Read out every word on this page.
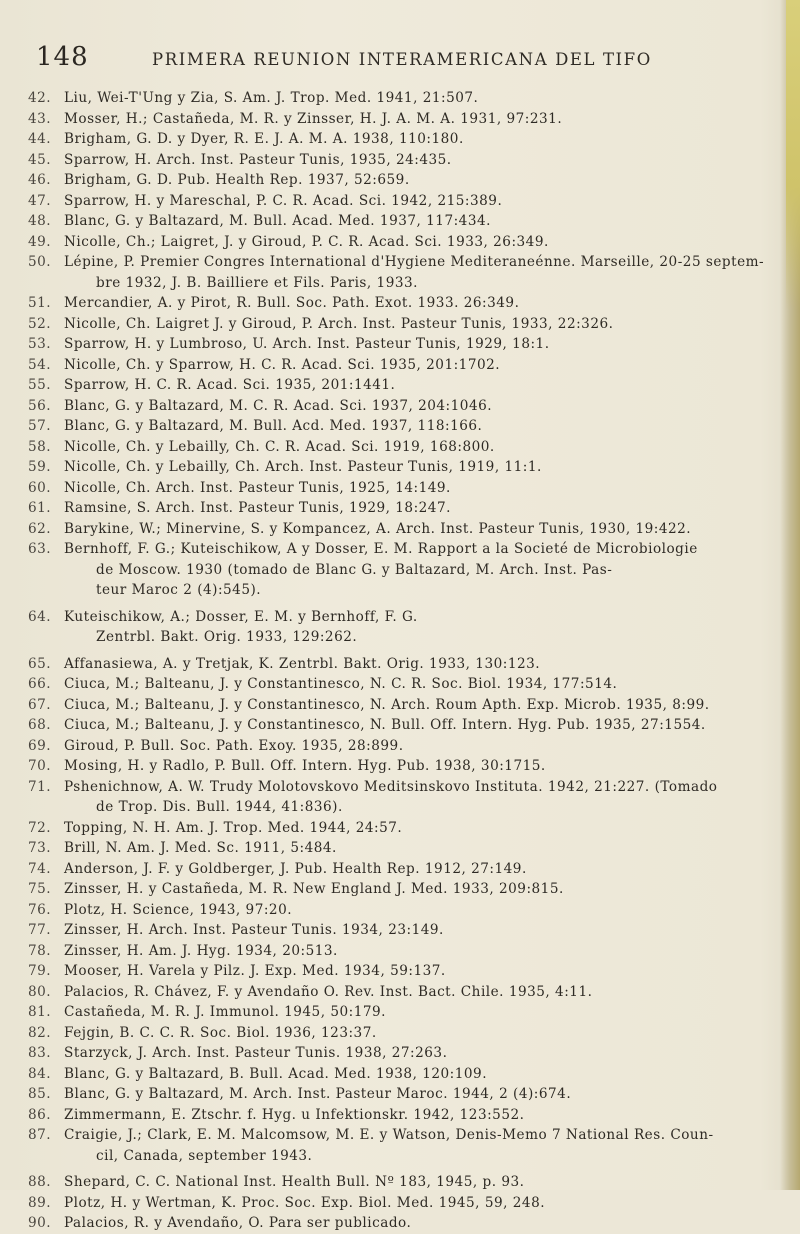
148	PRIMERA REUNION INTERAMERICANA DEL TIFO
42. Liu, Wei-T'Ung y Zia, S. Am. J. Trop. Med. 1941, 21:507.
43. Mosser, H.; Castañeda, M. R. y Zinsser, H. J. A. M. A. 1931, 97:231.
44. Brigham, G. D. y Dyer, R. E. J. A. M. A. 1938, 110:180.
45. Sparrow, H. Arch. Inst. Pasteur Tunis, 1935, 24:435.
46. Brigham, G. D. Pub. Health Rep. 1937, 52:659.
47. Sparrow, H. y Mareschal, P. C. R. Acad. Sci. 1942, 215:389.
48. Blanc, G. y Baltazard, M. Bull. Acad. Med. 1937, 117:434.
49. Nicolle, Ch.; Laigret, J. y Giroud, P. C. R. Acad. Sci. 1933, 26:349.
50. Lépine, P. Premier Congres International d'Hygiene Mediteraneénne. Marseille, 20-25 septem-
bre 1932, J. B. Bailliere et Fils. Paris, 1933.
51. Mercandier, A. y Pirot, R. Bull. Soc. Path. Exot. 1933. 26:349.
52. Nicolle, Ch. Laigret J. y Giroud, P. Arch. Inst. Pasteur Tunis, 1933, 22:326.
53. Sparrow, H. y Lumbroso, U. Arch. Inst. Pasteur Tunis, 1929, 18:1.
54. Nicolle, Ch. y Sparrow, H. C. R. Acad. Sci. 1935, 201:1702.
55. Sparrow, H. C. R. Acad. Sci. 1935, 201:1441.
56. Blanc, G. y Baltazard, M. C. R. Acad. Sci. 1937, 204:1046.
57. Blanc, G. y Baltazard, M. Bull. Acd. Med. 1937, 118:166.
58. Nicolle, Ch. y Lebailly, Ch. C. R. Acad. Sci. 1919, 168:800.
59. Nicolle, Ch. y Lebailly, Ch. Arch. Inst. Pasteur Tunis, 1919, 11:1.
60. Nicolle, Ch. Arch. Inst. Pasteur Tunis, 1925, 14:149.
61. Ramsine, S. Arch. Inst. Pasteur Tunis, 1929, 18:247.
62. Barykine, W.; Minervine, S. y Kompancez, A. Arch. Inst. Pasteur Tunis, 1930, 19:422.
63. Bernhoff, F. G.; Kuteischikow, A y Dosser, E. M. Rapport a la Societé de Microbiologie
de Moscow. 1930 (tomado de Blanc G. y Baltazard, M. Arch. Inst. Pas-
teur Maroc 2 (4):545).
64. Kuteischikow, A.; Dosser, E. M. y Bernhoff, F. G.
Zentrbl. Bakt. Orig. 1933, 129:262.
65. Affanasiewa, A. y Tretjak, K. Zentrbl. Bakt. Orig. 1933, 130:123.
66. Ciuca, M.; Balteanu, J. y Constantinesco, N. C. R. Soc. Biol. 1934, 177:514.
67. Ciuca, M.; Balteanu, J. y Constantinesco, N. Arch. Roum Apth. Exp. Microb. 1935, 8:99.
68. Ciuca, M.; Balteanu, J. y Constantinesco, N. Bull. Off. Intern. Hyg. Pub. 1935, 27:1554.
69. Giroud, P. Bull. Soc. Path. Exoy. 1935, 28:899.
70. Mosing, H. y Radlo, P. Bull. Off. Intern. Hyg. Pub. 1938, 30:1715.
71. Pshenichnow, A. W. Trudy Molotovskovo Meditsinskovo Instituta. 1942, 21:227. (Tomado
de Trop. Dis. Bull. 1944, 41:836).
72. Topping, N. H. Am. J. Trop. Med. 1944, 24:57.
73. Brill, N. Am. J. Med. Sc. 1911, 5:484.
74. Anderson, J. F. y Goldberger, J. Pub. Health Rep. 1912, 27:149.
75. Zinsser, H. y Castañeda, M. R. New England J. Med. 1933, 209:815.
76. Plotz, H. Science, 1943, 97:20.
77. Zinsser, H. Arch. Inst. Pasteur Tunis. 1934, 23:149.
78. Zinsser, H. Am. J. Hyg. 1934, 20:513.
79. Mooser, H. Varela y Pilz. J. Exp. Med. 1934, 59:137.
80. Palacios, R. Chávez, F. y Avendaño O. Rev. Inst. Bact. Chile. 1935, 4:11.
81. Castañeda, M. R. J. Immunol. 1945, 50:179.
82. Fejgin, B. C. C. R. Soc. Biol. 1936, 123:37.
83. Starzyck, J. Arch. Inst. Pasteur Tunis. 1938, 27:263.
84. Blanc, G. y Baltazard, B. Bull. Acad. Med. 1938, 120:109.
85. Blanc, G. y Baltazard, M. Arch. Inst. Pasteur Maroc. 1944, 2 (4):674.
86. Zimmermann, E. Ztschr. f. Hyg. u Infektionskr. 1942, 123:552.
87. Craigie, J.; Clark, E. M. Malcomsow, M. E. y Watson, Denis-Memo 7 National Res. Coun-
cil, Canada, september 1943.
88. Shepard, C. C. National Inst. Health Bull. Nº 183, 1945, p. 93.
89. Plotz, H. y Wertman, K. Proc. Soc. Exp. Biol. Med. 1945, 59, 248.
90. Palacios, R. y Avendaño, O. Para ser publicado.
